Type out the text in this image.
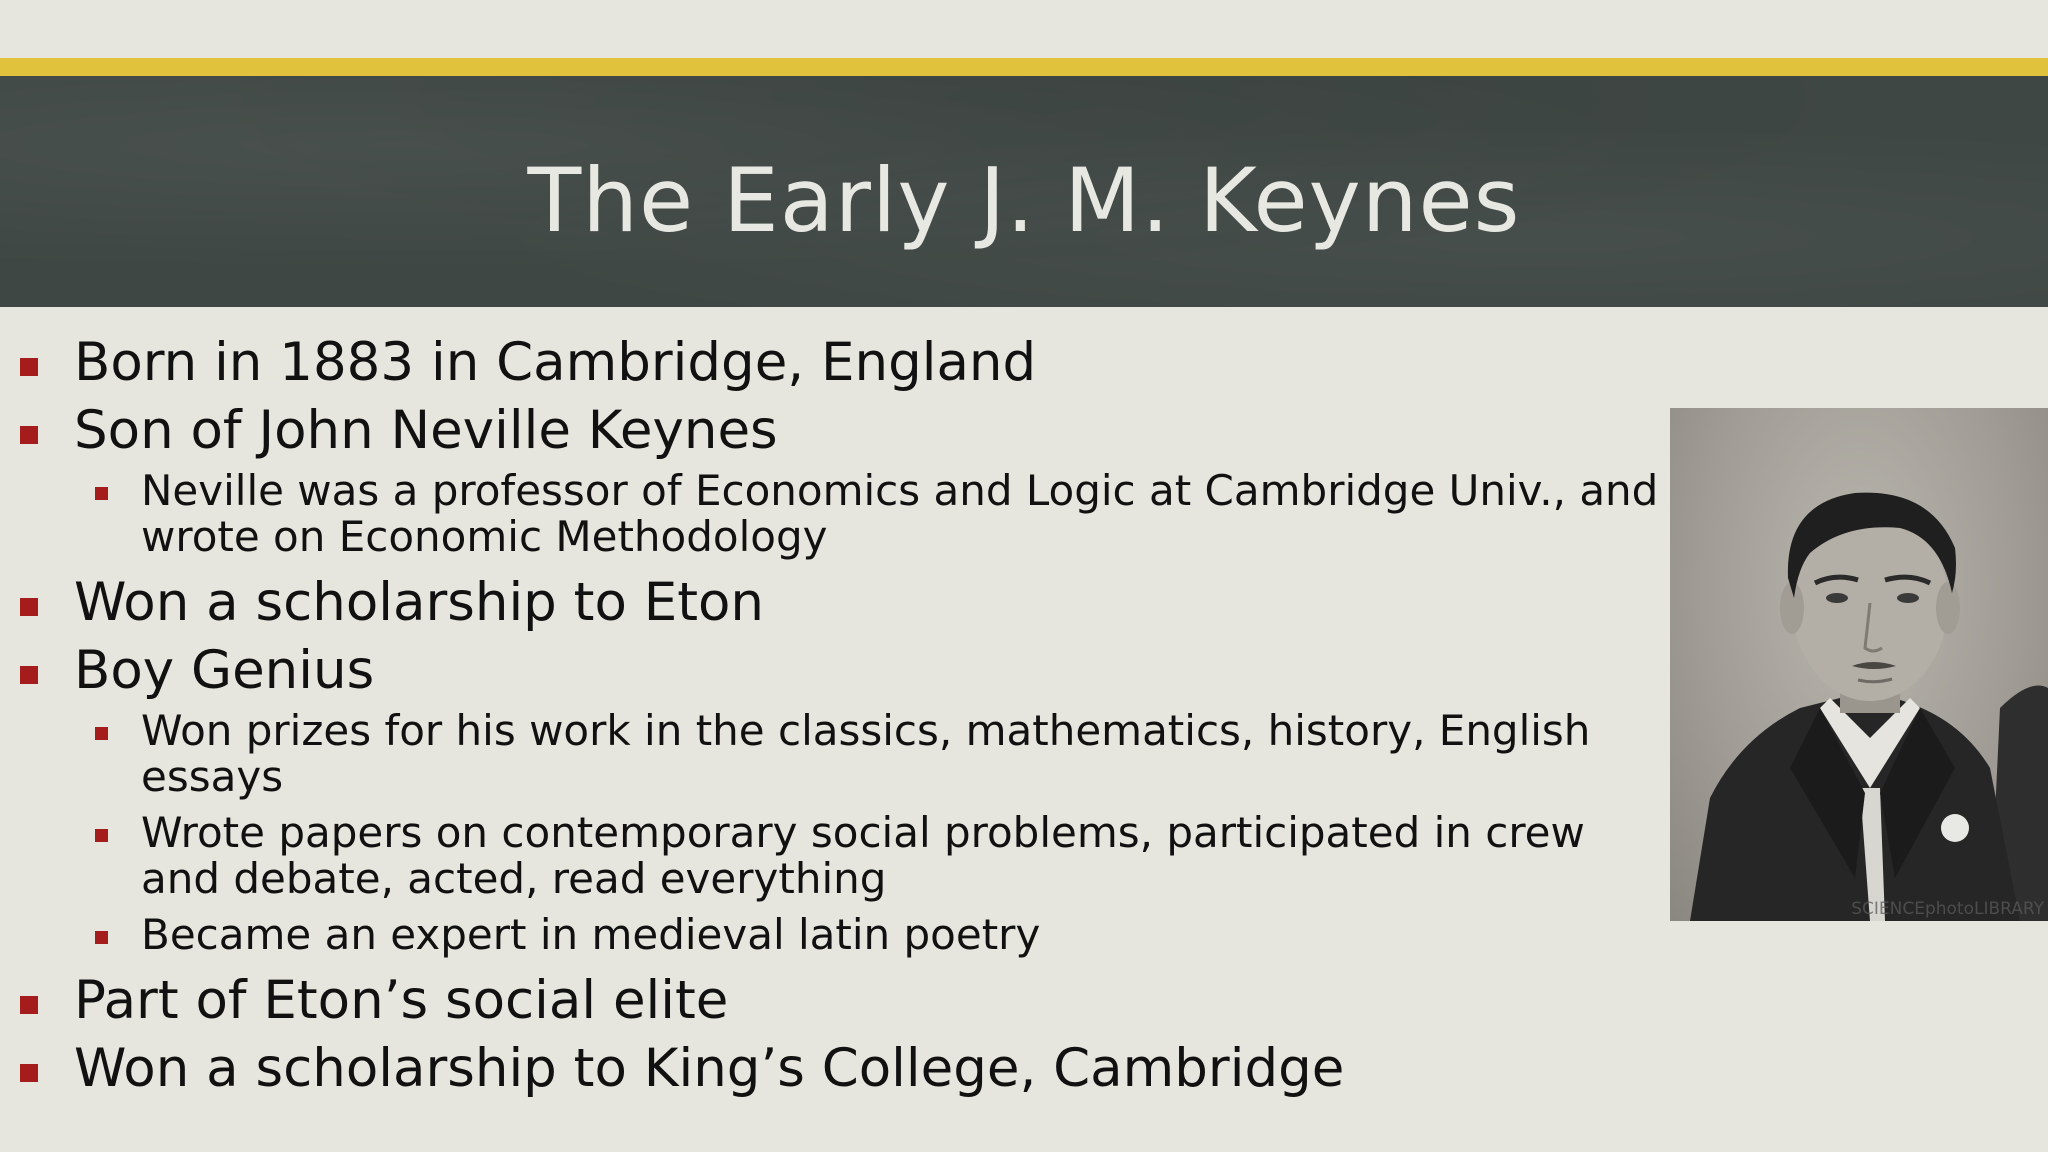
The Early J. M. Keynes
Born in 1883 in Cambridge, England
Son of John Neville Keynes
Neville was a professor of Economics and Logic at Cambridge Univ., and wrote on Economic Methodology
Won a scholarship to Eton
Boy Genius
Won prizes for his work in the classics, mathematics, history, English essays
Wrote papers on contemporary social problems, participated in crew and debate, acted, read everything
Became an expert in medieval latin poetry
Part of Eton’s social elite
Won a scholarship to King’s College, Cambridge
SCIENCEphotoLIBRARY
